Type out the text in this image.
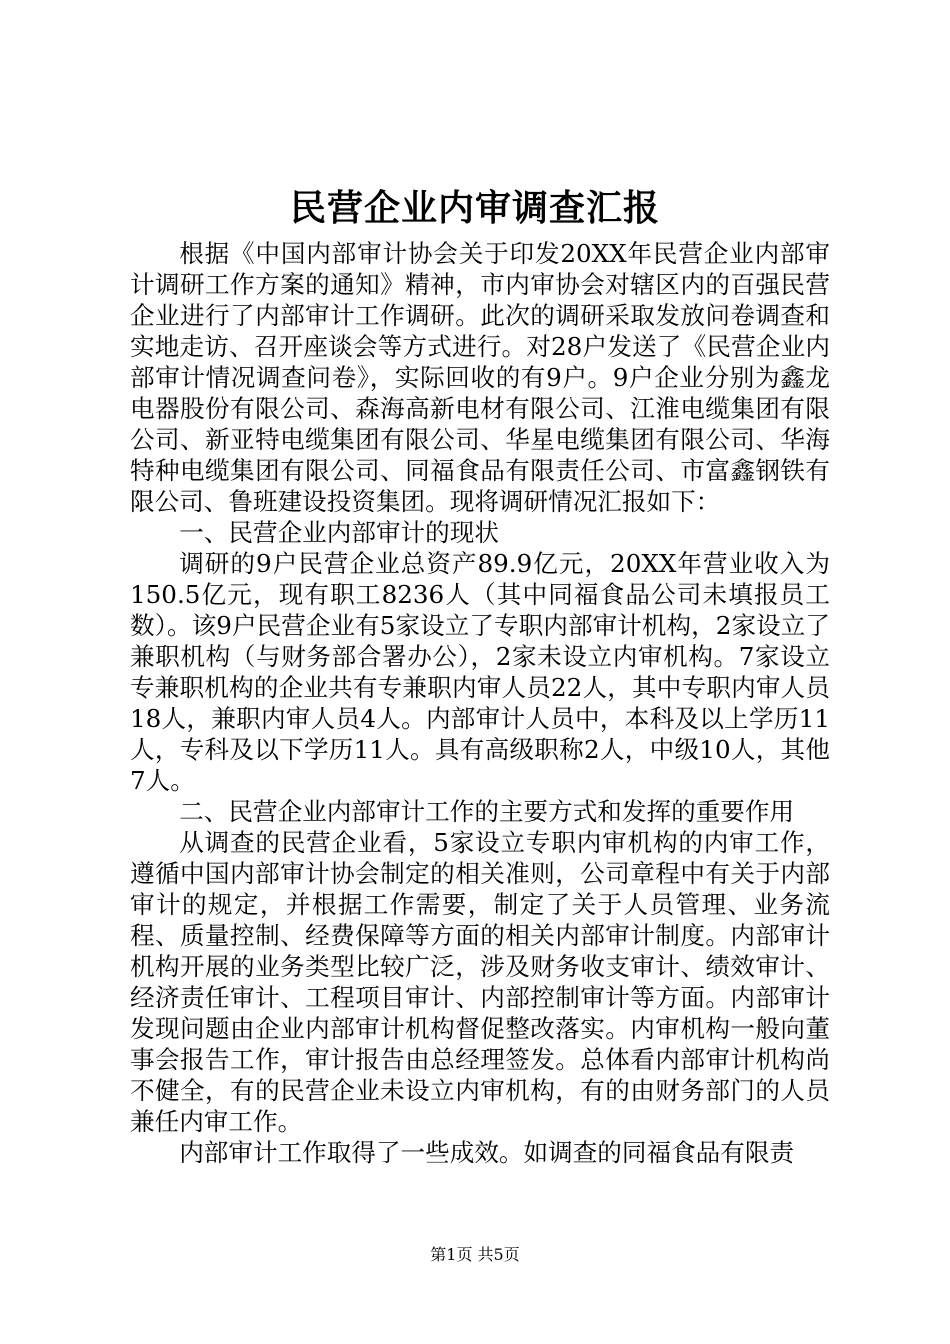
民营企业内审调查汇报

根据《中国内部审计协会关于印发20XX年民营企业内部审计调研工作方案的通知》精神，市内审协会对辖区内的百强民营企业进行了内部审计工作调研。此次的调研采取发放问卷调查和实地走访、召开座谈会等方式进行。对28户发送了《民营企业内部审计情况调查问卷》，实际回收的有9户。9户企业分别为鑫龙电器股份有限公司、森海高新电材有限公司、江淮电缆集团有限公司、新亚特电缆集团有限公司、华星电缆集团有限公司、华海特种电缆集团有限公司、同福食品有限责任公司、市富鑫钢铁有限公司、鲁班建设投资集团。现将调研情况汇报如下：

一、民营企业内部审计的现状

调研的9户民营企业总资产89.9亿元，20XX年营业收入为150.5亿元，现有职工8236人（其中同福食品公司未填报员工数）。该9户民营企业有5家设立了专职内部审计机构，2家设立了兼职机构（与财务部合署办公），2家未设立内审机构。7家设立专兼职机构的企业共有专兼职内审人员22人，其中专职内审人员18人，兼职内审人员4人。内部审计人员中，本科及以上学历11人，专科及以下学历11人。具有高级职称2人，中级10人，其他7人。

二、民营企业内部审计工作的主要方式和发挥的重要作用

从调查的民营企业看，5家设立专职内审机构的内审工作，遵循中国内部审计协会制定的相关准则，公司章程中有关于内部审计的规定，并根据工作需要，制定了关于人员管理、业务流程、质量控制、经费保障等方面的相关内部审计制度。内部审计机构开展的业务类型比较广泛，涉及财务收支审计、绩效审计、经济责任审计、工程项目审计、内部控制审计等方面。内部审计发现问题由企业内部审计机构督促整改落实。内审机构一般向董事会报告工作，审计报告由总经理签发。总体看内部审计机构尚不健全，有的民营企业未设立内审机构，有的由财务部门的人员兼任内审工作。

内部审计工作取得了一些成效。如调查的同福食品有限责

第1页 共5页
